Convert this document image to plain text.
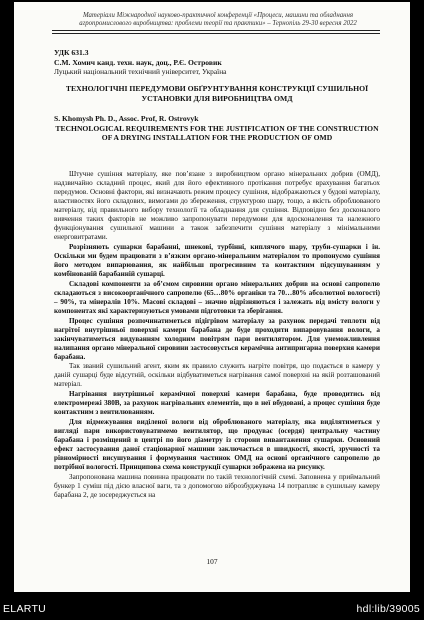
Матеріали Міжнародної науково-практичної конференції «Процеси, машини та обладнання
агропромислового виробництва: проблеми теорії та практики» – Тернопіль 29-30 вересня 2022
УДК 631.3
С.М. Хомич канд. техн. наук, доц., Р.Є. Островик
Луцький національний технічний університет, Україна
ТЕХНОЛОГІЧНІ ПЕРЕДУМОВИ ОБҐРУНТУВАННЯ КОНСТРУКЦІЇ СУШИЛЬНОЇ УСТАНОВКИ ДЛЯ ВИРОБНИЦТВА ОМД
S. Khomysh Ph. D., Assoc. Prof, R. Ostrovyk
TECHNOLOGICAL REQUIREMENTS FOR THE JUSTIFICATION OF THE CONSTRUCTION OF A DRYING INSTALLATION FOR THE PRODUCTION OF OMD

Штучне сушіння матеріалу, яке пов’язане з виробництвом органо мінеральних добрив (ОМД), надзвичайно складний процес, який для його ефективного протікання потребує врахування багатьох передумов. Основні фактори, які визначають режим процесу сушіння, відображаються у будові матеріалу, властивостях його складових, вимогами до збереження, структурою шару, тощо, а якість оброблюваного матеріалу, від правильного вибору технології та обладнання для сушіння. Відповідно без досконалого вивчення таких факторів не можливо запропонувати передумови для вдосконалення та належного функціонування сушильної машини а також забезпечити сушіння матеріалу з мінімальними енерговитратами.

Розрізняють сушарки барабанні, шнекові, турбінні, киплячого шару, труби-сушарки і ін. Оскільки ми будем працювати з в’язким органо-мінеральним матеріалом то пропонуємо сушіння його методом випарювання, як найбільш прогресивним та контактним підсушуванням у комбінованій барабанній сушарці.

Складові компоненти за об’ємом сировини органо мінеральних добрив на основі сапропелю складаються з високоорганічного сапропелю (65…80% органіки та 70…80% абсолютної вологості) – 90%, та мінералів 10%. Масові складові – значно відрізняються і залежать від вмісту вологи у компонентах які характеризуються умовами підготовки та зберігання.

Процес сушіння розпочинатиметься підігрівом матеріалу за рахунок передачі теплоти від нагрітої внутрішньої поверхні камери барабана де буде проходити випаровування вологи, а закінчуватиметься видуванням холодним повітрям пари вентилятором. Для унеможливлення налипання органо мінеральної сировини застосовується керамічна антипригарна поверхня камери барабана.

Так званий сушильний агент, яким як правило служить нагріте повітря, що подається в камеру у даній сушарці буде відсутній, оскільки відбуватиметься нагрівання самої поверхні на якій розташований матеріал.

Нагрівання внутрішньої керамічної поверхні камери барабана, буде проводитись від електромережі 380В, за рахунок нагрівальних елементів, що в неї вбудовані, а процес сушіння буде контактним з вентилюванням.

Для відмежування виділеної вологи від оброблюваного матеріалу, яка виділятиметься у вигляді пари використовуватимемо вентилятор, що продуває (осердя) центральну частину барабана і розміщений в центрі по його діаметру із сторони вивантаження сушарки. Основний ефект застосування даної стаціонарної машини заключається в швидкості, якості, зручності та рівномірності висушування і формування частинок ОМД на основі органічного сапропелю до потрібної вологості. Принципова схема конструкції сушарки зображена на рисунку.

Запропонована машина повинна працювати по такій технологічній схемі. Заповнена у приймальний бункер 1 суміш під дією власної ваги, та з допомогою віброзбуджувача 14 потрапляє в сушильну камеру барабана 2, де зосереджується на

107
ELARTU	hdl:lib/39005
